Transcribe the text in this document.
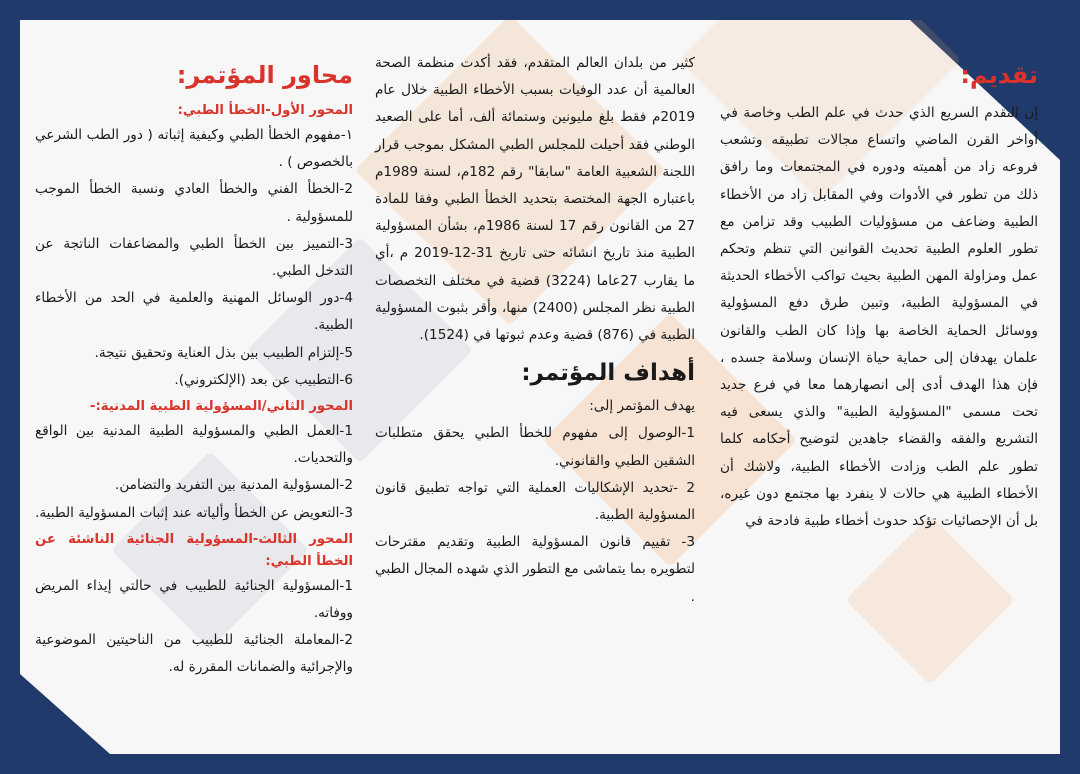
تقديم:

إن التقدم السريع الذي حدث في علم الطب وخاصة في أواخر القرن الماضي واتساع مجالات تطبيقه وتشعب فروعه زاد من أهميته ودوره في المجتمعات وما رافق ذلك من تطور في الأدوات وفي المقابل زاد من الأخطاء الطبية وضاعف من مسؤوليات الطبيب وقد تزامن مع تطور العلوم الطبية تحديث القوانين التي تنظم وتحكم عمل ومزاولة المهن الطبية بحيث تواكب الأخطاء الحديثة في المسؤولية الطبية، وتبين طرق دفع المسؤولية ووسائل الحماية الخاصة بها وإذا كان الطب والقانون علمان يهدفان إلى حماية حياة الإنسان وسلامة جسده ، فإن هذا الهدف أدى إلى انصهارهما معا في فرع جديد تحت مسمى "المسؤولية الطبية" والذي يسعى فيه التشريع والفقه والقضاء جاهدين لتوضيح أحكامه كلما تطور علم الطب وزادت الأخطاء الطبية، ولاشك أن الأخطاء الطبية هي حالات لا ينفرد بها مجتمع دون غيره، بل أن الإحصائيات تؤكد حدوث أخطاء طبية فادحة في

كثير من بلدان العالم المتقدم، فقد أكدت منظمة الصحة العالمية أن عدد الوفيات بسبب الأخطاء الطبية خلال عام 2019م فقط بلغ مليونين وستمائة ألف، أما على الصعيد الوطني فقد أحيلت للمجلس الطبي المشكل بموجب قرار اللجنة الشعبية العامة "سابقا" رقم 182م، لسنة 1989م باعتباره الجهة المختصة بتحديد الخطأ الطبي وفقا للمادة 27 من القانون رقم 17 لسنة 1986م، بشأن المسؤولية الطبية منذ تاريخ انشائه حتى تاريخ 31-12-2019 م ،أي ما يقارب 27عاما (3224) قضية في مختلف التخصصات الطبية نظر المجلس (2400) منها، وأقر بثبوت المسؤولية الطبية في (876) قضية وعدم ثبوتها في (1524).

أهداف المؤتمر:

يهدف المؤتمر إلى:

1-الوصول إلى مفهوم للخطأ الطبي يحقق متطلبات الشقين الطبي والقانوني.

2 -تحديد الإشكاليات العملية التي تواجه تطبيق قانون المسؤولية الطبية.

3- تقييم قانون المسؤولية الطبية وتقديم مقترحات لتطويره بما يتماشى مع التطور الذي شهده المجال الطبي .

محاور المؤتمر:
المحور الأول-الخطأ الطبي:

١-مفهوم الخطأ الطبي وكيفية إثباته ( دور الطب الشرعي بالخصوص ) .

2-الخطأ الفني والخطأ العادي ونسبة الخطأ الموجب للمسؤولية .

3-التمييز بين الخطأ الطبي والمضاعفات الناتجة عن التدخل الطبي.

4-دور الوسائل المهنية والعلمية في الحد من الأخطاء الطبية.

5-إلتزام الطبيب بين بذل العناية وتحقيق نتيجة.

6-التطبيب عن بعد (الإلكتروني).

المحور الثاني/المسؤولية الطبية المدنية:-

1-العمل الطبي والمسؤولية الطبية المدنية بين الواقع والتحديات.

2-المسؤولية المدنية بين التفريد والتضامن.

3-التعويض عن الخطأ وألياته عند إثبات المسؤولية الطبية.

المحور الثالث-المسؤولية الجنائية الناشئة عن الخطأ الطبي:

1-المسؤولية الجنائية للطبيب في حالتي إيذاء المريض ووفاته.

2-المعاملة الجنائية للطبيب من الناحيتين الموضوعية والإجرائية والضمانات المقررة له.
